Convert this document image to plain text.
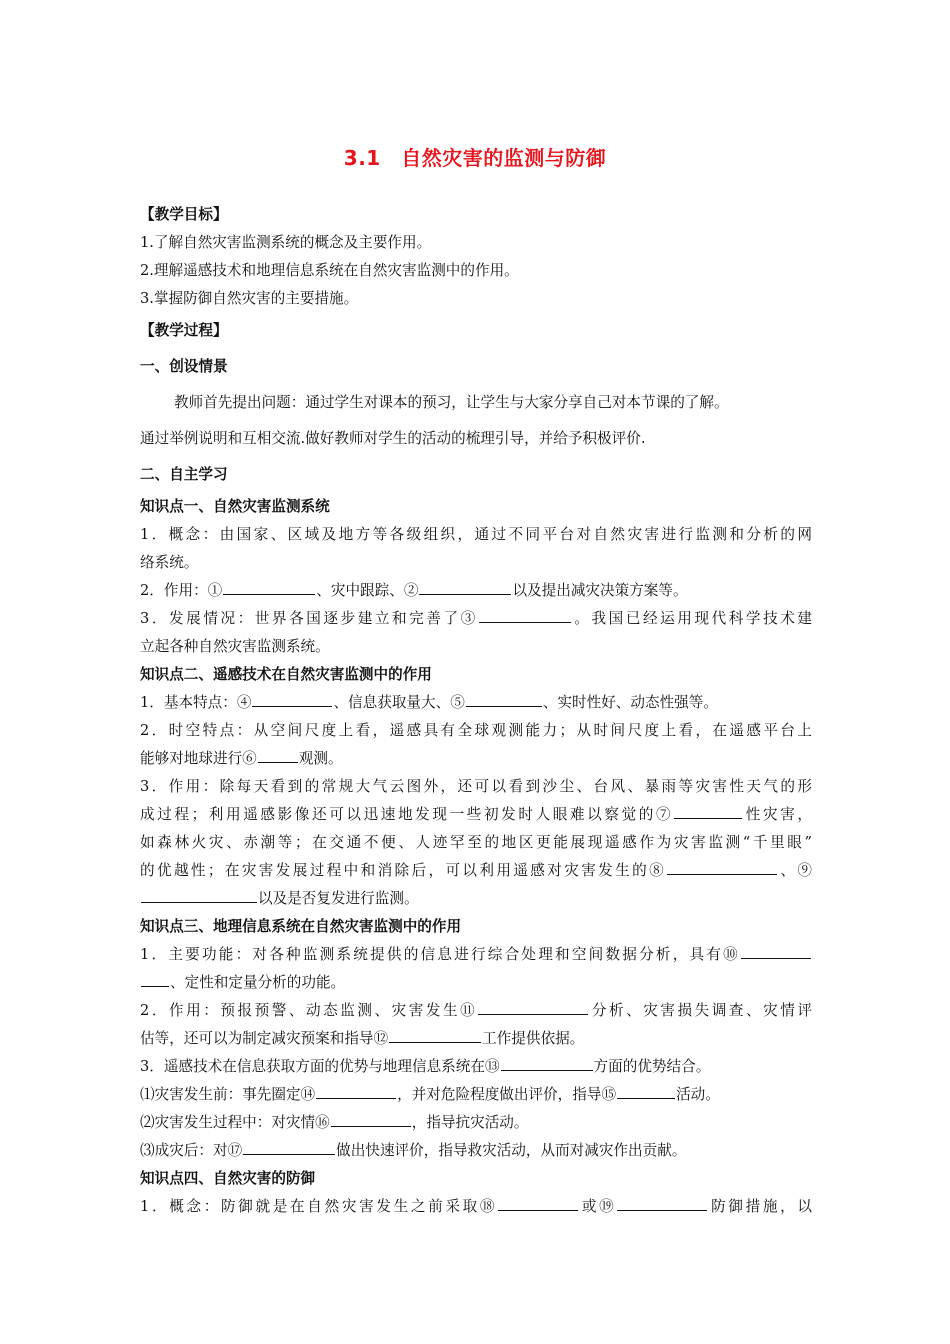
3.1　自然灾害的监测与防御

【教学目标】

1.了解自然灾害监测系统的概念及主要作用。

2.理解遥感技术和地理信息系统在自然灾害监测中的作用。

3.掌握防御自然灾害的主要措施。

【教学过程】

一、创设情景

教师首先提出问题：通过学生对课本的预习，让学生与大家分享自己对本节课的了解。

通过举例说明和互相交流.做好教师对学生的活动的梳理引导，并给予积极评价.

二、自主学习

知识点一、自然灾害监测系统

1．概念：由国家、区域及地方等各级组织，通过不同平台对自然灾害进行监测和分析的网

络系统。

2．作用：①	、灾中跟踪、②	以及提出减灾决策方案等。

3．发展情况：世界各国逐步建立和完善了③	。我国已经运用现代科学技术建

立起各种自然灾害监测系统。

知识点二、遥感技术在自然灾害监测中的作用

1．基本特点：④	、信息获取量大、⑤	、实时性好、动态性强等。

2．时空特点：从空间尺度上看，遥感具有全球观测能力；从时间尺度上看，在遥感平台上

能够对地球进行⑥	观测。

3．作用：除每天看到的常规大气云图外，还可以看到沙尘、台风、暴雨等灾害性天气的形

成过程；利用遥感影像还可以迅速地发现一些初发时人眼难以察觉的⑦	性灾害，

如森林火灾、赤潮等；在交通不便、人迹罕至的地区更能展现遥感作为灾害监测“千里眼”

的优越性；在灾害发展过程中和消除后，可以利用遥感对灾害发生的⑧	、⑨

以及是否复发进行监测。

知识点三、地理信息系统在自然灾害监测中的作用

1．主要功能：对各种监测系统提供的信息进行综合处理和空间数据分析，具有⑩

、定性和定量分析的功能。

2．作用：预报预警、动态监测、灾害发生⑪	分析、灾害损失调查、灾情评

估等，还可以为制定减灾预案和指导⑫	工作提供依据。

3．遥感技术在信息获取方面的优势与地理信息系统在⑬	方面的优势结合。

⑴灾害发生前：事先圈定⑭	，并对危险程度做出评价，指导⑮	活动。

⑵灾害发生过程中：对灾情⑯	，指导抗灾活动。

⑶成灾后：对⑰	做出快速评价，指导救灾活动，从而对减灾作出贡献。

知识点四、自然灾害的防御

1．概念：防御就是在自然灾害发生之前采取⑱	或⑲	防御措施，以
